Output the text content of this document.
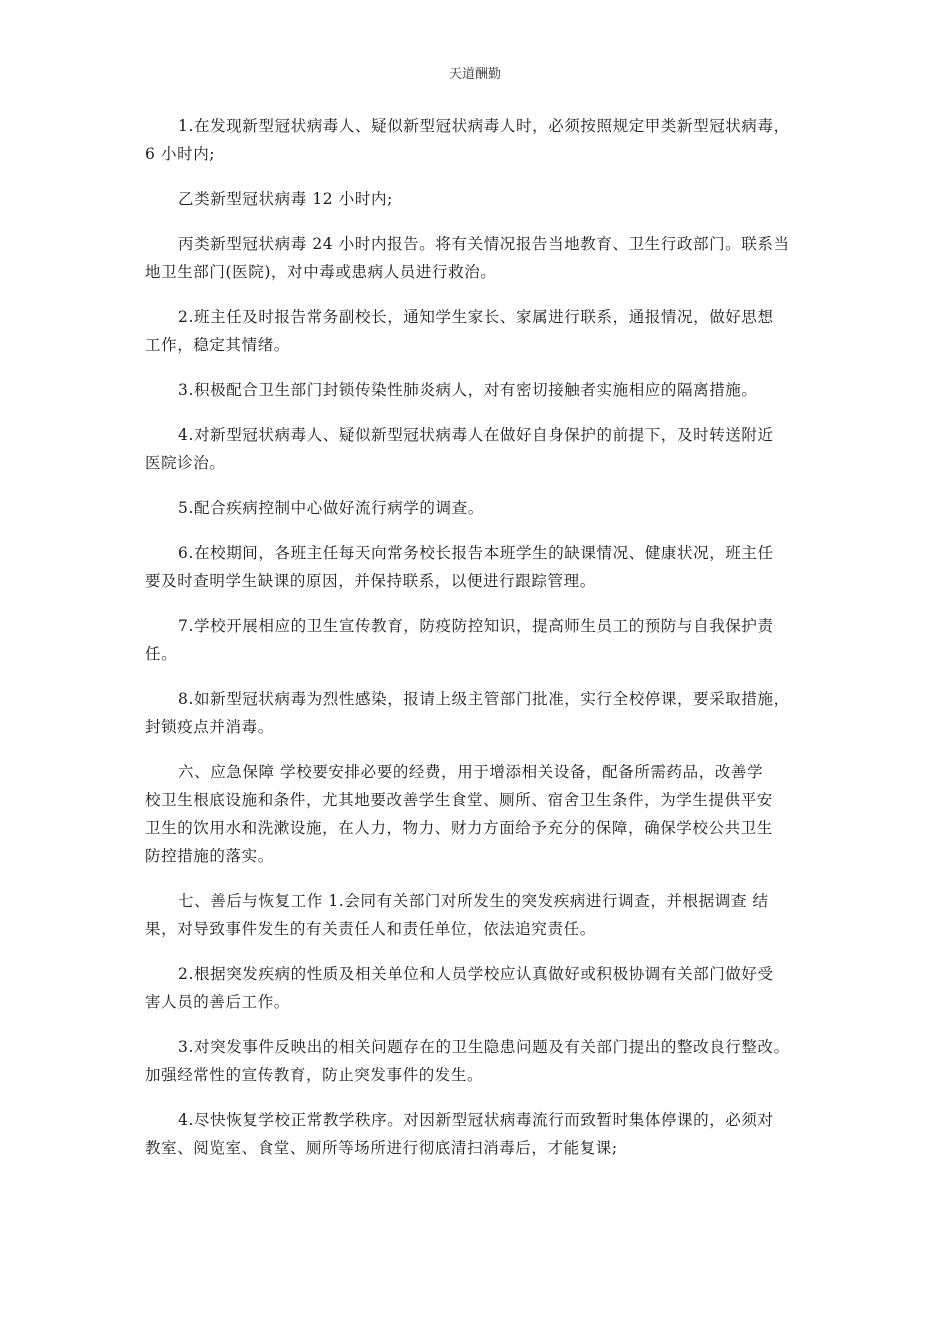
天道酬勤

1.在发现新型冠状病毒人、疑似新型冠状病毒人时，必须按照规定甲类新型冠状病毒，
6 小时内;

乙类新型冠状病毒 12 小时内;

丙类新型冠状病毒 24 小时内报告。将有关情况报告当地教育、卫生行政部门。联系当
地卫生部门(医院)，对中毒或患病人员进行救治。

2.班主任及时报告常务副校长，通知学生家长、家属进行联系，通报情况，做好思想
工作，稳定其情绪。

3.积极配合卫生部门封锁传染性肺炎病人，对有密切接触者实施相应的隔离措施。

4.对新型冠状病毒人、疑似新型冠状病毒人在做好自身保护的前提下，及时转送附近
医院诊治。

5.配合疾病控制中心做好流行病学的调查。

6.在校期间，各班主任每天向常务校长报告本班学生的缺课情况、健康状况，班主任
要及时查明学生缺课的原因，并保持联系，以便进行跟踪管理。

7.学校开展相应的卫生宣传教育，防疫防控知识，提高师生员工的预防与自我保护责
任。

8.如新型冠状病毒为烈性感染，报请上级主管部门批准，实行全校停课，要采取措施，
封锁疫点并消毒。

六、应急保障 学校要安排必要的经费，用于增添相关设备，配备所需药品，改善学
校卫生根底设施和条件，尤其地要改善学生食堂、厕所、宿舍卫生条件，为学生提供平安
卫生的饮用水和洗漱设施，在人力，物力、财力方面给予充分的保障，确保学校公共卫生
防控措施的落实。

七、善后与恢复工作 1.会同有关部门对所发生的突发疾病进行调查，并根据调查 结
果，对导致事件发生的有关责任人和责任单位，依法追究责任。

2.根据突发疾病的性质及相关单位和人员学校应认真做好或积极协调有关部门做好受
害人员的善后工作。

3.对突发事件反映出的相关问题存在的卫生隐患问题及有关部门提出的整改良行整改。
加强经常性的宣传教育，防止突发事件的发生。

4.尽快恢复学校正常教学秩序。对因新型冠状病毒流行而致暂时集体停课的，必须对
教室、阅览室、食堂、厕所等场所进行彻底清扫消毒后，才能复课;
